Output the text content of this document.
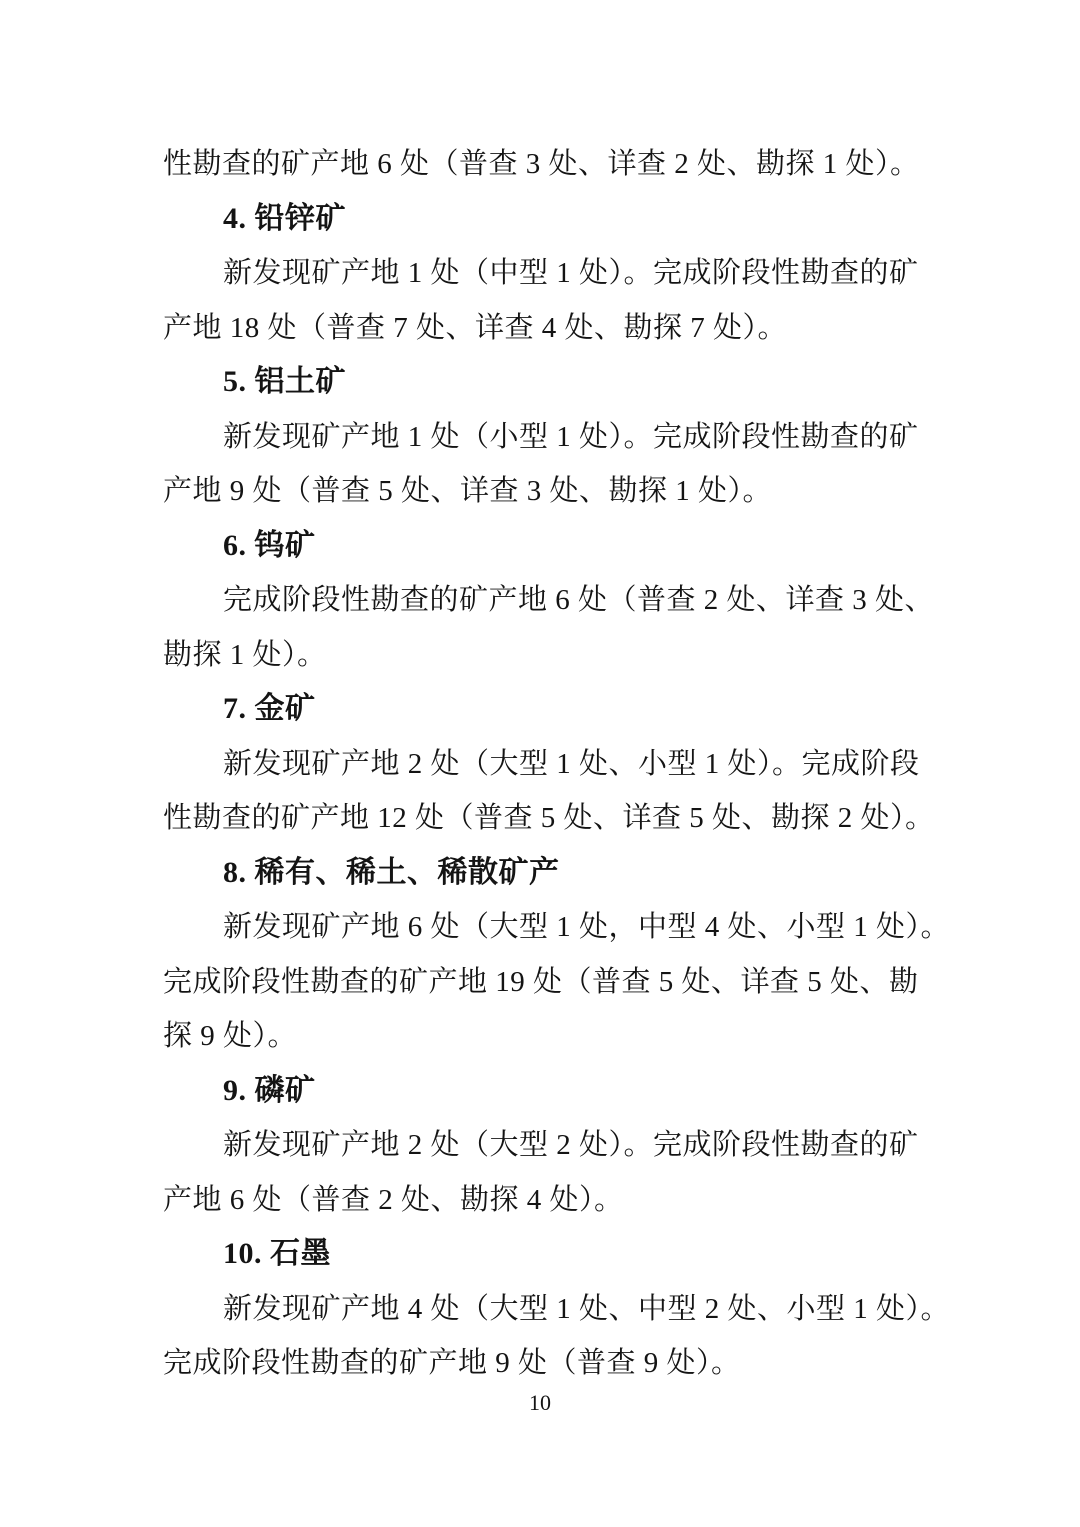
性勘查的矿产地 6 处（普查 3 处、详查 2 处、勘探 1 处）。

4. 铅锌矿

新发现矿产地 1 处（中型 1 处）。完成阶段性勘查的矿

产地 18 处（普查 7 处、详查 4 处、勘探 7 处）。

5. 铝土矿

新发现矿产地 1 处（小型 1 处）。完成阶段性勘查的矿

产地 9 处（普查 5 处、详查 3 处、勘探 1 处）。

6. 钨矿

完成阶段性勘查的矿产地 6 处（普查 2 处、详查 3 处、

勘探 1 处）。

7. 金矿

新发现矿产地 2 处（大型 1 处、小型 1 处）。完成阶段

性勘查的矿产地 12 处（普查 5 处、详查 5 处、勘探 2 处）。

8. 稀有、稀土、稀散矿产

新发现矿产地 6 处（大型 1 处，中型 4 处、小型 1 处）。

完成阶段性勘查的矿产地 19 处（普查 5 处、详查 5 处、勘

探 9 处）。

9. 磷矿

新发现矿产地 2 处（大型 2 处）。完成阶段性勘查的矿

产地 6 处（普查 2 处、勘探 4 处）。

10. 石墨

新发现矿产地 4 处（大型 1 处、中型 2 处、小型 1 处）。

完成阶段性勘查的矿产地 9 处（普查 9 处）。

10
